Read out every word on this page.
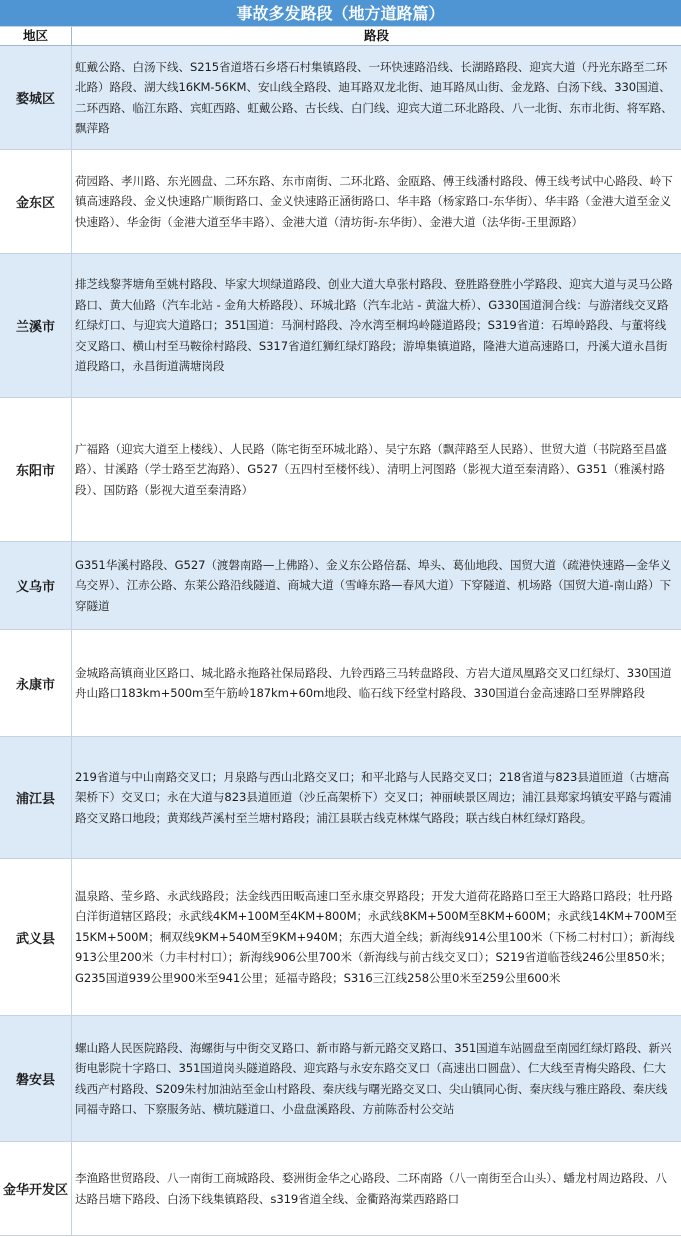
事故多发路段（地方道路篇）
地区	路段
婺城区
虹戴公路、白汤下线、S215省道塔石乡塔石村集镇路段、一环快速路沿线、长湖路路段、迎宾大道（丹光东路至二环北路）路段、湖大线16KM-56KM、安山线全路段、迪耳路双龙北街、迪耳路凤山街、金龙路、白汤下线、330国道、二环西路、临江东路、宾虹西路、虹戴公路、古长线、白门线、迎宾大道二环北路段、八一北街、东市北街、将军路、飘萍路
金东区
荷园路、孝川路、东光圆盘、二环东路、东市南街、二环北路、金瓯路、傅王线潘村路段、傅王线考试中心路段、岭下镇高速路段、金义快速路广顺街路口、金义快速路正涵街路口、华丰路（杨家路口-东华街）、华丰路（金港大道至金义快速路）、华金街（金港大道至华丰路）、金港大道（清坊街-东华街）、金港大道（法华街-王里源路）
兰溪市
排芝线黎荠塘角至姚村路段、毕家大坝绿道路段、创业大道大阜张村路段、登胜路登胜小学路段、迎宾大道与灵马公路路口、黄大仙路（汽车北站 - 金角大桥路段）、环城北路（汽车北站 - 黄湓大桥）、G330国道洞合线：与游渚线交叉路红绿灯口、与迎宾大道路口；351国道：马涧村路段、冷水湾至桐坞岭隧道路段；S319省道：石埠岭路段、与董将线交叉路口、横山村至马鞍徐村路段、S317省道红狮红绿灯路段；游埠集镇道路，隆港大道高速路口，丹溪大道永昌街道段路口，永昌街道满塘岗段
东阳市
广福路（迎宾大道至上楼线）、人民路（陈宅街至环城北路）、吴宁东路（飘萍路至人民路）、世贸大道（书院路至昌盛路）、甘溪路（学士路至艺海路）、G527（五四村至楼怀线）、清明上河图路（影视大道至秦清路）、G351（雅溪村路段）、国防路（影视大道至秦清路）
义乌市
G351华溪村路段、G527（渡磐南路—上佛路）、金义东公路倍磊、埠头、葛仙地段、国贸大道（疏港快速路—金华义乌交界）、江赤公路、东莱公路沿线隧道、商城大道（雪峰东路—春风大道）下穿隧道、机场路（国贸大道-南山路）下穿隧道
永康市
金城路高镇商业区路口、城北路永拖路社保局路段、九铃西路三马转盘路段、方岩大道凤凰路交叉口红绿灯、330国道舟山路口183km+500m至午筋岭187km+60m地段、临石线下经堂村路段、330国道台金高速路口至界牌路段
浦江县
219省道与中山南路交叉口；月泉路与西山北路交叉口；和平北路与人民路交叉口；218省道与823县道匝道（古塘高架桥下）交叉口；永在大道与823县道匝道（沙丘高架桥下）交叉口；神丽峡景区周边；浦江县郑家坞镇安平路与霞浦路交叉路口地段；黄郑线芦溪村至兰塘村路段；浦江县联古线克林煤气路段；联古线白林红绿灯路段。
武义县
温泉路、莹乡路、永武线路段；法金线西田畈高速口至永康交界路段；开发大道荷花路路口至王大路路口路段；牡丹路白洋街道辖区路段；永武线4KM+100M至4KM+800M；永武线8KM+500M至8KM+600M；永武线14KM+700M至15KM+500M；桐双线9KM+540M至9KM+940M；东西大道全线；新海线914公里100米（下杨二村村口）；新海线913公里200米（力丰村村口）；新海线906公里700米（新海线与前古线交叉口）；S219省道临苍线246公里850米；G235国道939公里900米至941公里；延福寺路段；S316三江线258公里0米至259公里600米
磐安县
螺山路人民医院路段、海螺街与中街交叉路口、新市路与新元路交叉路口、351国道车站圆盘至南园红绿灯路段、新兴街电影院十字路口、351国道岗头隧道路段、迎宾路与永安东路交叉口（高速出口圆盘）、仁大线至青梅尖路段、仁大线西产村路段、S209朱村加油站至金山村路段、秦庆线与曙光路交叉口、尖山镇同心街、秦庆线与雅庄路段、秦庆线同福寺路口、下察服务站、横坑隧道口、小盘盘溪路段、方前陈岙村公交站
金华开发区
李渔路世贸路段、八一南街工商城路段、婺洲街金华之心路段、二环南路（八一南街至合山头）、蟠龙村周边路段、八达路吕塘下路段、白汤下线集镇路段、s319省道全线、金衢路海棠西路路口
